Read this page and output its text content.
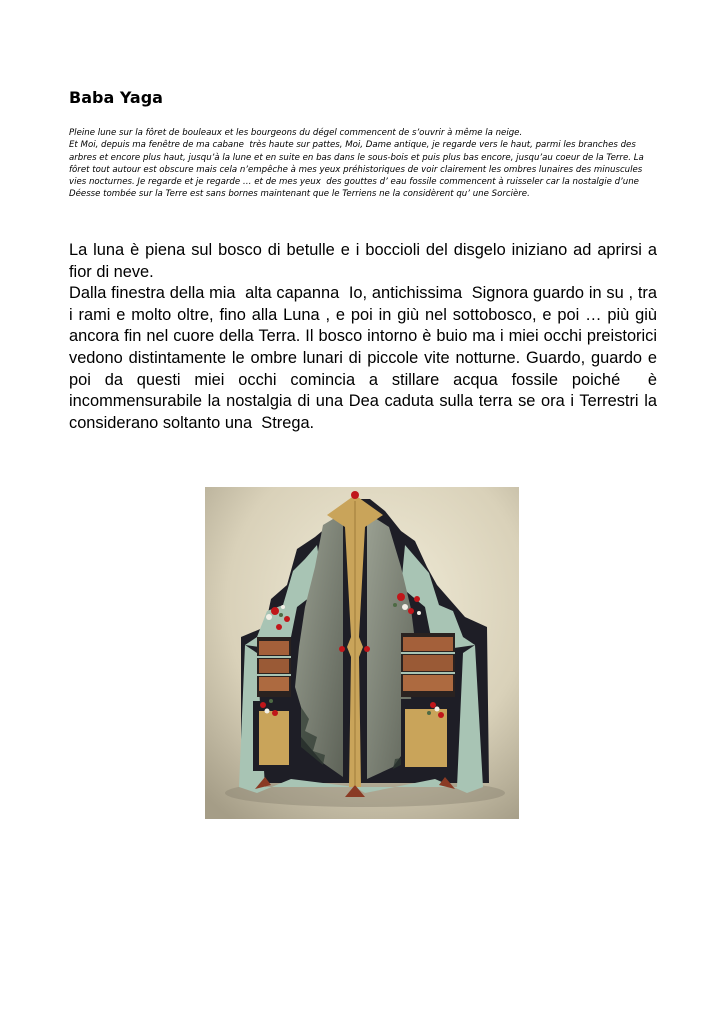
Baba Yaga

Pleine lune sur la fôret de bouleaux et les bourgeons du dégel commencent de s’ouvrir à même la neige.

Et Moi, depuis ma fenêtre de ma cabane  très haute sur pattes, Moi, Dame antique, je regarde vers le haut, parmi les branches des arbres et encore plus haut, jusqu’à la lune et en suite en bas dans le sous-bois et puis plus bas encore, jusqu’au coeur de la Terre. La fôret tout autour est obscure mais cela n’empêche à mes yeux préhistoriques de voir clairement les ombres lunaires des minuscules vies nocturnes. Je regarde et je regarde … et de mes yeux  des gouttes d’ eau fossile commencent à ruisseler car la nostalgie d’une Déesse tombée sur la Terre est sans bornes maintenant que le Terriens ne la considèrent qu’ une Sorcière.

La luna è piena sul bosco di betulle e i boccioli del disgelo iniziano ad aprirsi a fior di neve.

Dalla finestra della mia  alta capanna  Io, antichissima  Signora guardo in su , tra i rami e molto oltre, fino alla Luna , e poi in giù nel sottobosco, e poi … più giù ancora fin nel cuore della Terra. Il bosco intorno è buio ma i miei occhi preistorici  vedono distintamente le ombre lunari di piccole vite notturne. Guardo, guardo e poi da questi miei occhi comincia a stillare acqua fossile poiché  è incommensurabile la nostalgia di una Dea caduta sulla terra se ora i Terrestri la considerano soltanto una  Strega.
